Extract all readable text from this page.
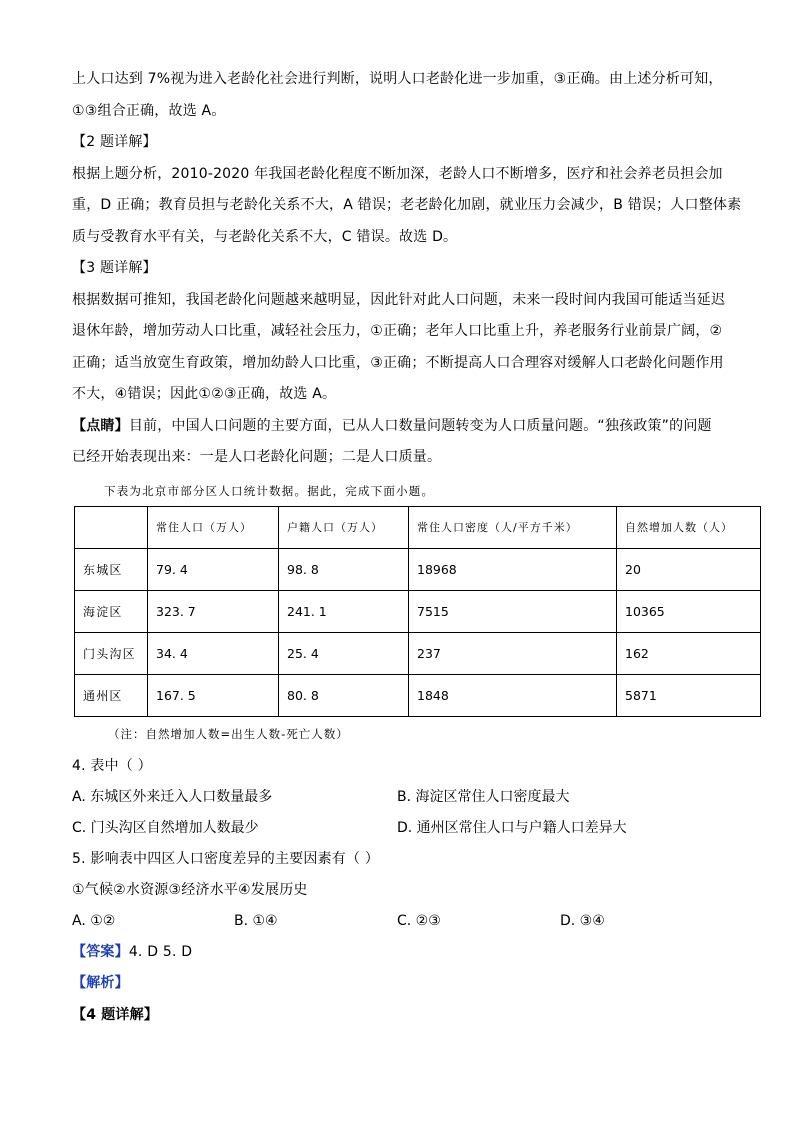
上人口达到 7%视为进入老龄化社会进行判断，说明人口老龄化进一步加重，③正确。由上述分析可知，
①③组合正确，故选 A。
【2 题详解】
根据上题分析，2010-2020 年我国老龄化程度不断加深，老龄人口不断增多，医疗和社会养老员担会加
重，D 正确；教育员担与老龄化关系不大，A 错误；老老龄化加剧，就业压力会减少，B 错误；人口整体素
质与受教育水平有关，与老龄化关系不大，C 错误。故选 D。
【3 题详解】
根据数据可推知，我国老龄化问题越来越明显，因此针对此人口问题，未来一段时间内我国可能适当延迟
退休年龄，增加劳动人口比重，减轻社会压力，①正确；老年人口比重上升，养老服务行业前景广阔，②
正确；适当放宽生育政策，增加幼龄人口比重，③正确；不断提高人口合理容对缓解人口老龄化问题作用
不大，④错误；因此①②③正确，故选 A。
【点睛】目前，中国人口问题的主要方面，已从人口数量问题转变为人口质量问题。“独孩政策”的问题
已经开始表现出来：一是人口老龄化问题；二是人口质量。
下表为北京市部分区人口统计数据。据此，完成下面小题。
	常住人口（万人）	户籍人口（万人）	常住人口密度（人/平方千米）	自然增加人数（人）
东城区	79. 4	98. 8	18968	20
海淀区	323. 7	241. 1	7515	10365
门头沟区	34. 4	25. 4	237	162
通州区	167. 5	80. 8	1848	5871
（注：自然增加人数=出生人数-死亡人数）
4. 表中（ ）
A. 东城区外来迁入人口数量最多	B. 海淀区常住人口密度最大
C. 门头沟区自然增加人数最少	D. 通州区常住人口与户籍人口差异大
5. 影响表中四区人口密度差异的主要因素有（ ）
①气候②水资源③经济水平④发展历史
A. ①②	B. ①④	C. ②③	D. ③④
【答案】4. D 5. D
【解析】
【4 题详解】
